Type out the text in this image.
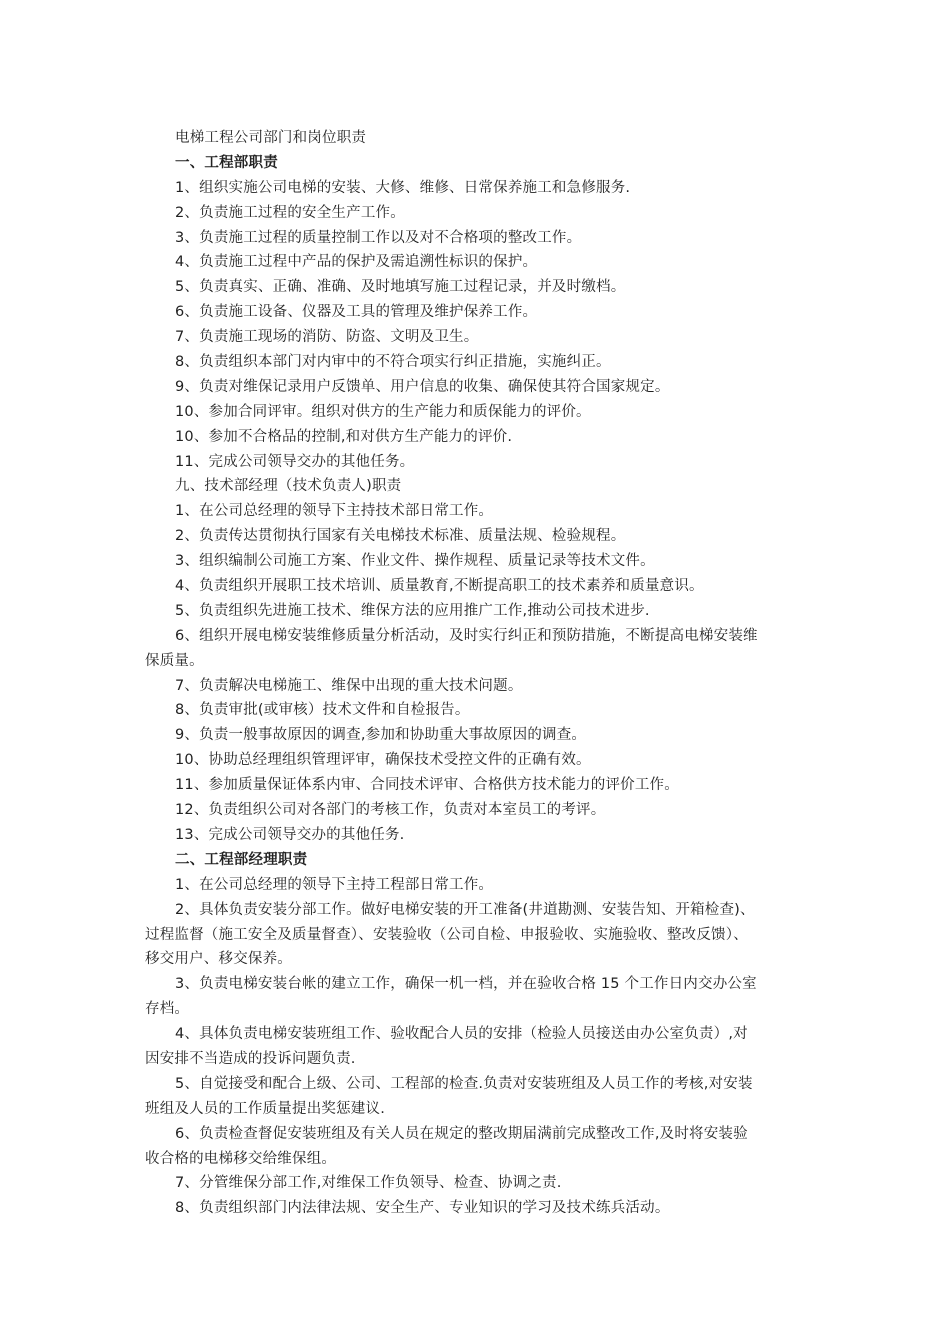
电梯工程公司部门和岗位职责
一、工程部职责
1、组织实施公司电梯的安装、大修、维修、日常保养施工和急修服务.
2、负责施工过程的安全生产工作。
3、负责施工过程的质量控制工作以及对不合格项的整改工作。
4、负责施工过程中产品的保护及需追溯性标识的保护。
5、负责真实、正确、准确、及时地填写施工过程记录，并及时缴档。
6、负责施工设备、仪器及工具的管理及维护保养工作。
7、负责施工现场的消防、防盗、文明及卫生。
8、负责组织本部门对内审中的不符合项实行纠正措施，实施纠正。
9、负责对维保记录用户反馈单、用户信息的收集、确保使其符合国家规定。
10、参加合同评审。组织对供方的生产能力和质保能力的评价。
10、参加不合格品的控制,和对供方生产能力的评价.
11、完成公司领导交办的其他任务。
九、技术部经理（技术负责人)职责
1、在公司总经理的领导下主持技术部日常工作。
2、负责传达贯彻执行国家有关电梯技术标准、质量法规、检验规程。
3、组织编制公司施工方案、作业文件、操作规程、质量记录等技术文件。
4、负责组织开展职工技术培训、质量教育,不断提高职工的技术素养和质量意识。
5、负责组织先进施工技术、维保方法的应用推广工作,推动公司技术进步.
6、组织开展电梯安装维修质量分析活动，及时实行纠正和预防措施，不断提高电梯安装维
保质量。
7、负责解决电梯施工、维保中出现的重大技术问题。
8、负责审批(或审核）技术文件和自检报告。
9、负责一般事故原因的调查,参加和协助重大事故原因的调查。
10、协助总经理组织管理评审，确保技术受控文件的正确有效。
11、参加质量保证体系内审、合同技术评审、合格供方技术能力的评价工作。
12、负责组织公司对各部门的考核工作，负责对本室员工的考评。
13、完成公司领导交办的其他任务.
二、工程部经理职责
1、在公司总经理的领导下主持工程部日常工作。
2、具体负责安装分部工作。做好电梯安装的开工准备(井道勘测、安装告知、开箱检查)、
过程监督（施工安全及质量督查）、安装验收（公司自检、申报验收、实施验收、整改反馈）、
移交用户、移交保养。
3、负责电梯安装台帐的建立工作，确保一机一档，并在验收合格 15 个工作日内交办公室
存档。
4、具体负责电梯安装班组工作、验收配合人员的安排（检验人员接送由办公室负责）,对
因安排不当造成的投诉问题负责.
5、自觉接受和配合上级、公司、工程部的检查.负责对安装班组及人员工作的考核,对安装
班组及人员的工作质量提出奖惩建议.
6、负责检查督促安装班组及有关人员在规定的整改期届满前完成整改工作,及时将安装验
收合格的电梯移交给维保组。
7、分管维保分部工作,对维保工作负领导、检查、协调之责.
8、负责组织部门内法律法规、安全生产、专业知识的学习及技术练兵活动。
